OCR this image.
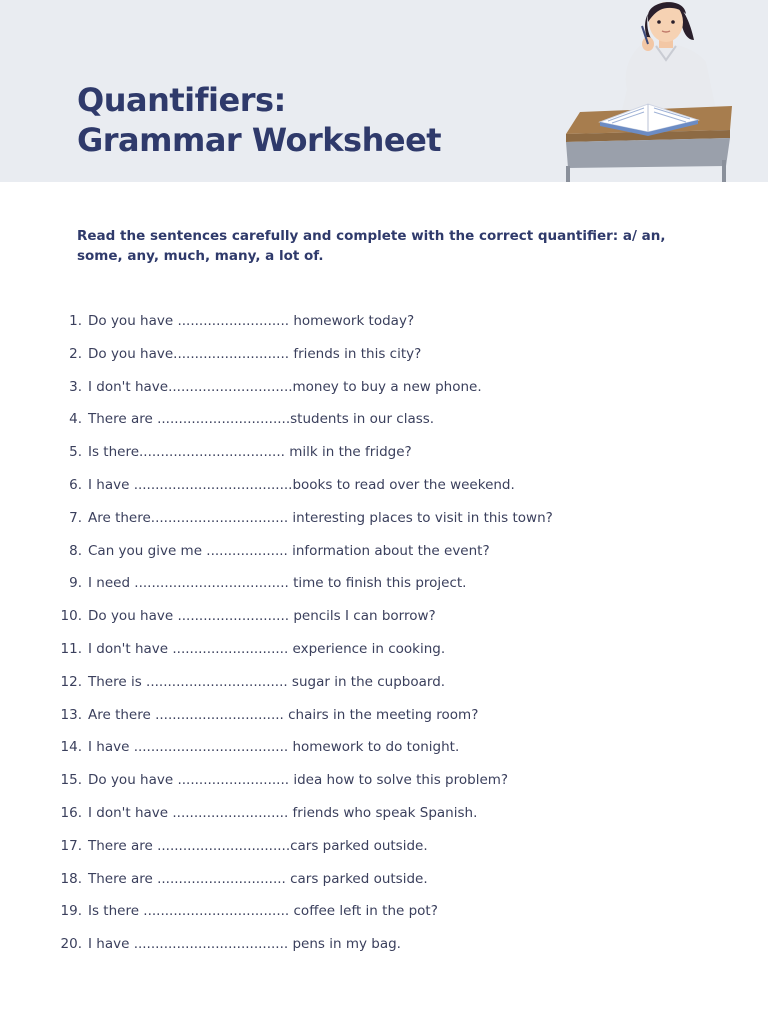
Quantifiers:
Grammar Worksheet

Read the sentences carefully and complete with the correct quantifier: a/ an, some, any, much, many, a lot of.

1. Do you have .......................... homework today?
2. Do you have........................... friends in this city?
3. I don't have.............................money to buy a new phone.
4. There are ...............................students in our class.
5. Is there.................................. milk in the fridge?
6. I have .....................................books to read over the weekend.
7. Are there................................ interesting places to visit in this town?
8. Can you give me ................... information about the event?
9. I need .................................... time to finish this project.
10. Do you have .......................... pencils I can borrow?
11. I don't have ........................... experience in cooking.
12. There is ................................. sugar in the cupboard.
13. Are there .............................. chairs in the meeting room?
14. I have .................................... homework to do tonight.
15. Do you have .......................... idea how to solve this problem?
16. I don't have ........................... friends who speak Spanish.
17. There are ...............................cars parked outside.
18. There are .............................. cars parked outside.
19. Is there .................................. coffee left in the pot?
20. I have .................................... pens in my bag.
